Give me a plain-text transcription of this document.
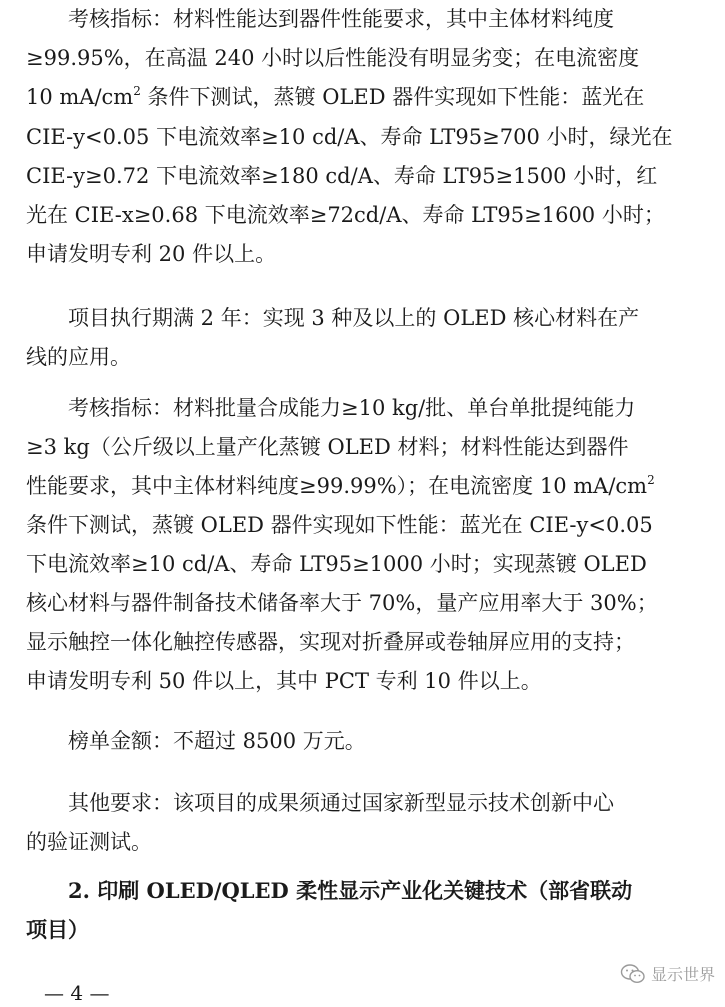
　　考核指标：材料性能达到器件性能要求，其中主体材料纯度
≥99.95%，在高温 240 小时以后性能没有明显劣变；在电流密度
10 $mA/cm^2$ 条件下测试，蒸镀 OLED 器件实现如下性能：蓝光在
CIE-y<0.05 下电流效率≥10 cd/A、寿命 LT95≥700 小时，绿光在
CIE-y≥0.72 下电流效率≥180 cd/A、寿命 LT95≥1500 小时，红
光在 CIE-x≥0.68 下电流效率≥72cd/A、寿命 LT95≥1600 小时；
申请发明专利 20 件以上。
　　项目执行期满 2 年：实现 3 种及以上的 OLED 核心材料在产
线的应用。
　　考核指标：材料批量合成能力≥10 kg/批、单台单批提纯能力
≥3 kg（公斤级以上量产化蒸镀 OLED 材料；材料性能达到器件
性能要求，其中主体材料纯度≥99.99%）；在电流密度 10 $mA/cm^2$
条件下测试，蒸镀 OLED 器件实现如下性能：蓝光在 CIE-y<0.05
下电流效率≥10 cd/A、寿命 LT95≥1000 小时；实现蒸镀 OLED
核心材料与器件制备技术储备率大于 70%，量产应用率大于 30%；
显示触控一体化触控传感器，实现对折叠屏或卷轴屏应用的支持；
申请发明专利 50 件以上，其中 PCT 专利 10 件以上。
　　榜单金额：不超过 8500 万元。
　　其他要求：该项目的成果须通过国家新型显示技术创新中心
的验证测试。
　　2. 印刷 OLED/QLED 柔性显示产业化关键技术（部省联动
项目）
— 4 —
显示世界
